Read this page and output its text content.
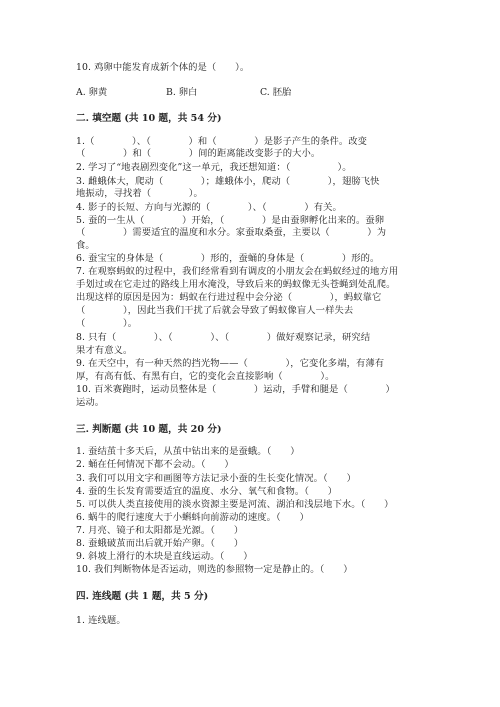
10. 鸡卵中能发育成新个体的是（　　）。
A. 卵黄	B. 卵白	C. 胚胎
二. 填空题 (共 10 题，共 54 分)
1.（　　　　）、（　　　　）和（　　　　）是影子产生的条件。改变
（　　　　）和（　　　　）间的距离能改变影子的大小。
2. 学习了“地表剧烈变化”这一单元，我还想知道：（　　　　　）。
3. 雌蛾体大，爬动（　　　　）；雄蛾体小，爬动（　　　　），翅膀飞快
地振动，寻找着（　　　　）。
4. 影子的长短、方向与光源的（　　　　）、（　　　　）有关。
5. 蚕的一生从（　　　　）开始，（　　　　）是由蚕卵孵化出来的。蚕卵
（　　　　）需要适宜的温度和水分。家蚕取桑蚕，主要以（　　　　）为
食。
6. 蚕宝宝的身体是（　　　　）形的，蚕蛹的身体是（　　　　）形的。
7. 在观察蚂蚁的过程中，我们经常看到有调皮的小朋友会在蚂蚁经过的地方用
手划过或在它走过的路线上用水淹没，导致后来的蚂蚁像无头苍蝇到处乱爬。
出现这样的原因是因为：蚂蚁在行进过程中会分泌（　　　　），蚂蚁靠它
（　　　　），因此当我们干扰了后就会导致了蚂蚁像盲人一样失去
（　　　　）。
8. 只有（　　　　）、（　　　　）、（　　　　）做好观察记录，研究结
果才有意义。
9. 在天空中，有一种天然的挡光物——（　　　　），它变化多端，有薄有
厚，有高有低、有黑有白，它的变化会直接影响（　　　　）。
10. 百米赛跑时，运动员整体是（　　　　）运动，手臂和腿是（　　　　）
运动。
三. 判断题 (共 10 题，共 20 分)
1. 蚕结茧十多天后，从茧中钻出来的是蚕蛾。（　　）
2. 蛹在任何情况下都不会动。（　　）
3. 我们可以用文字和画图等方法记录小蚕的生长变化情况。（　　）
4. 蚕的生长发育需要适宜的温度、水分、氧气和食物。（　　）
5. 可以供人类直接使用的淡水资源主要是河流、湖泊和浅层地下水。（　　）
6. 蜗牛的爬行速度大于小蝌蚪向前游动的速度。（　　）
7. 月亮、镜子和太阳都是光源。（　　）
8. 蚕蛾破茧而出后就开始产卵。（　　）
9. 斜坡上滑行的木块是直线运动。（　　）
10. 我们判断物体是否运动，则选的参照物一定是静止的。（　　）
四. 连线题 (共 1 题，共 5 分)
1. 连线题。
